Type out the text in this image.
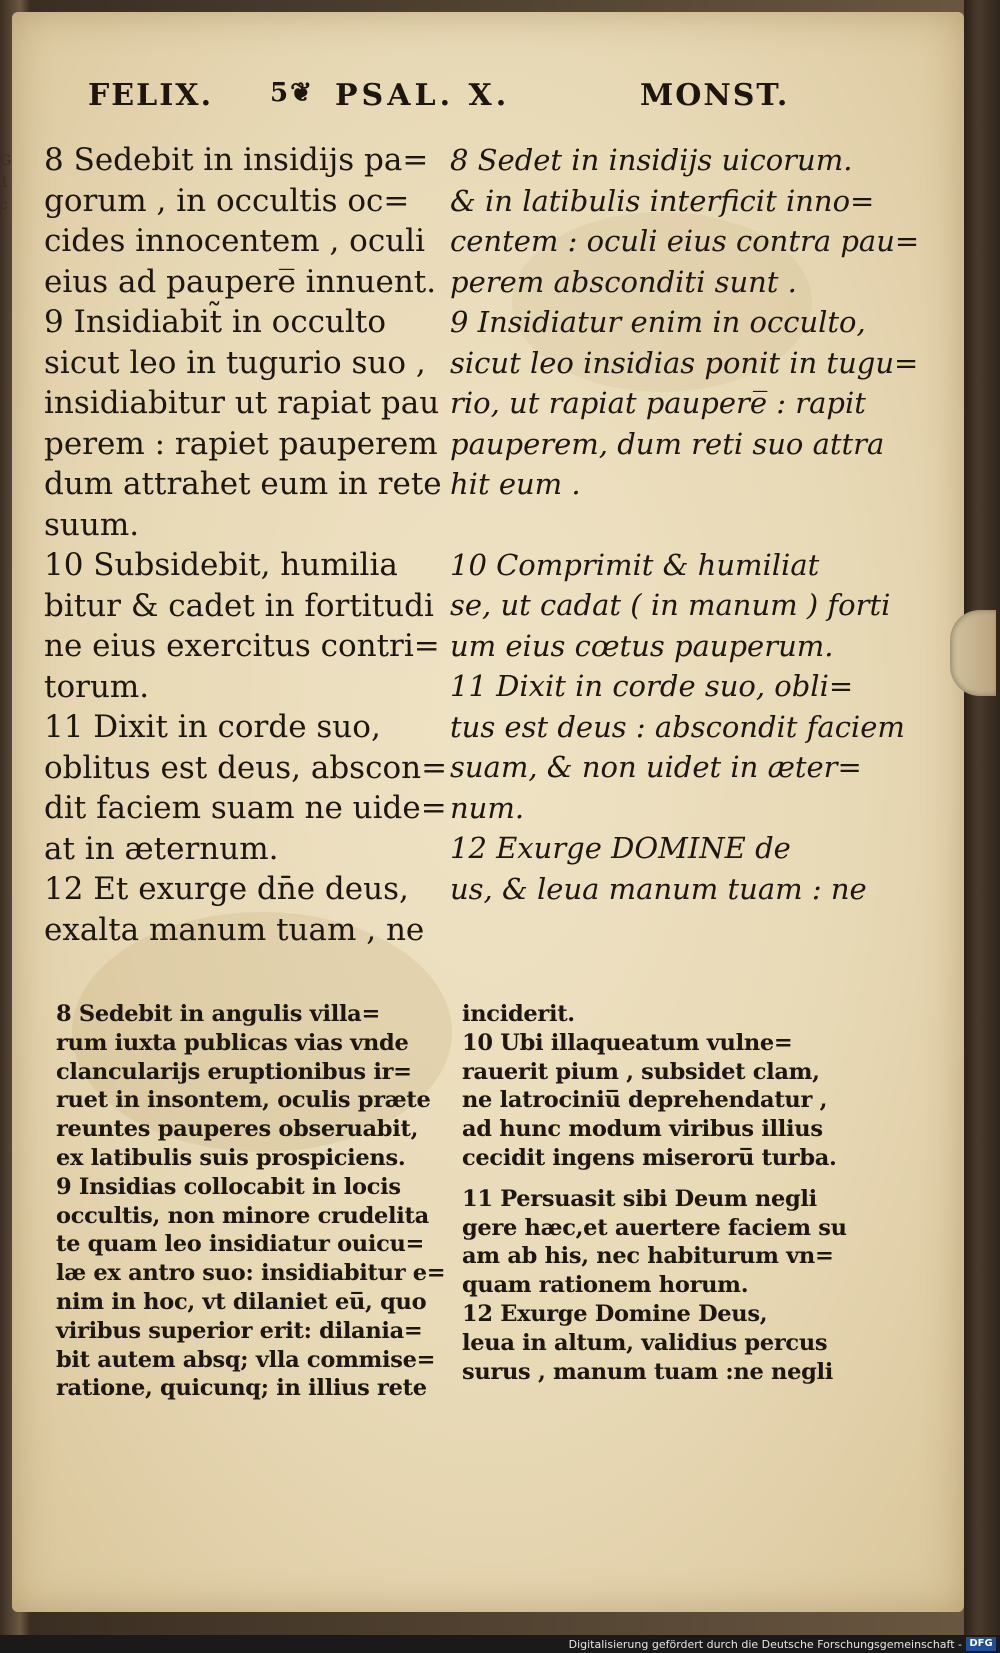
G
1
c
FELIX. 5❦ PSAL. X.	MONST.
8 Sedebit in insidijs pa=
gorum , in occultis oc=
cides innocentem , oculi
eius ad paupere̅ innuent.
9 Insidiabit̃ in occulto
sicut leo in tugurio suo ,
insidiabitur ut rapiat pau
perem : rapiet pauperem
dum attrahet eum in rete
suum.
10 Subsidebit, humilia
bitur & cadet in fortitudi
ne eius exercitus contri=
torum.
11 Dixit in corde suo,
oblitus est deus, abscon=
dit faciem suam ne uide=
at in æternum.
12 Et exurge dn̄e deus,
exalta manum tuam , ne
8 Sedet in insidijs uicorum.
& in latibulis interficit inno=
centem : oculi eius contra pau=
perem absconditi sunt .
9 Insidiatur enim in occulto,
sicut leo insidias ponit in tugu=
rio, ut rapiat paupere̅ : rapit
pauperem, dum reti suo attra
hit eum .
10 Comprimit & humiliat
se, ut cadat ( in manum ) forti
um eius cœtus pauperum.
11 Dixit in corde suo, obli=
tus est deus : abscondit faciem
suam, & non uidet in æter=
num.
12 Exurge DOMINE de
us, & leua manum tuam : ne
8 Sedebit in angulis villa=
rum iuxta publicas vias vnde
clancularijs eruptionibus ir=
ruet in insontem, oculis præte
reuntes pauperes obseruabit,
ex latibulis suis prospiciens.
9 Insidias collocabit in locis
occultis, non minore crudelita
te quam leo insidiatur ouicu=
læ ex antro suo: insidiabitur e=
nim in hoc, vt dilaniet eu̅, quo
viribus superior erit: dilania=
bit autem absq; vlla commise=
ratione, quicunq; in illius rete
inciderit.
10 Ubi illaqueatum vulne=
rauerit pium , subsidet clam,
ne latrociniu̅ deprehendatur ,
ad hunc modum viribus illius
cecidit ingens miseroru̅ turba.
11 Persuasit sibi Deum negli
gere hæc,et auertere faciem su
am ab his, nec habiturum vn=
quam rationem horum.
12 Exurge Domine Deus,
leua in altum, validius percus
surus , manum tuam :ne negli
Digitalisierung gefördert durch die Deutsche Forschungsgemeinschaft - DFG
